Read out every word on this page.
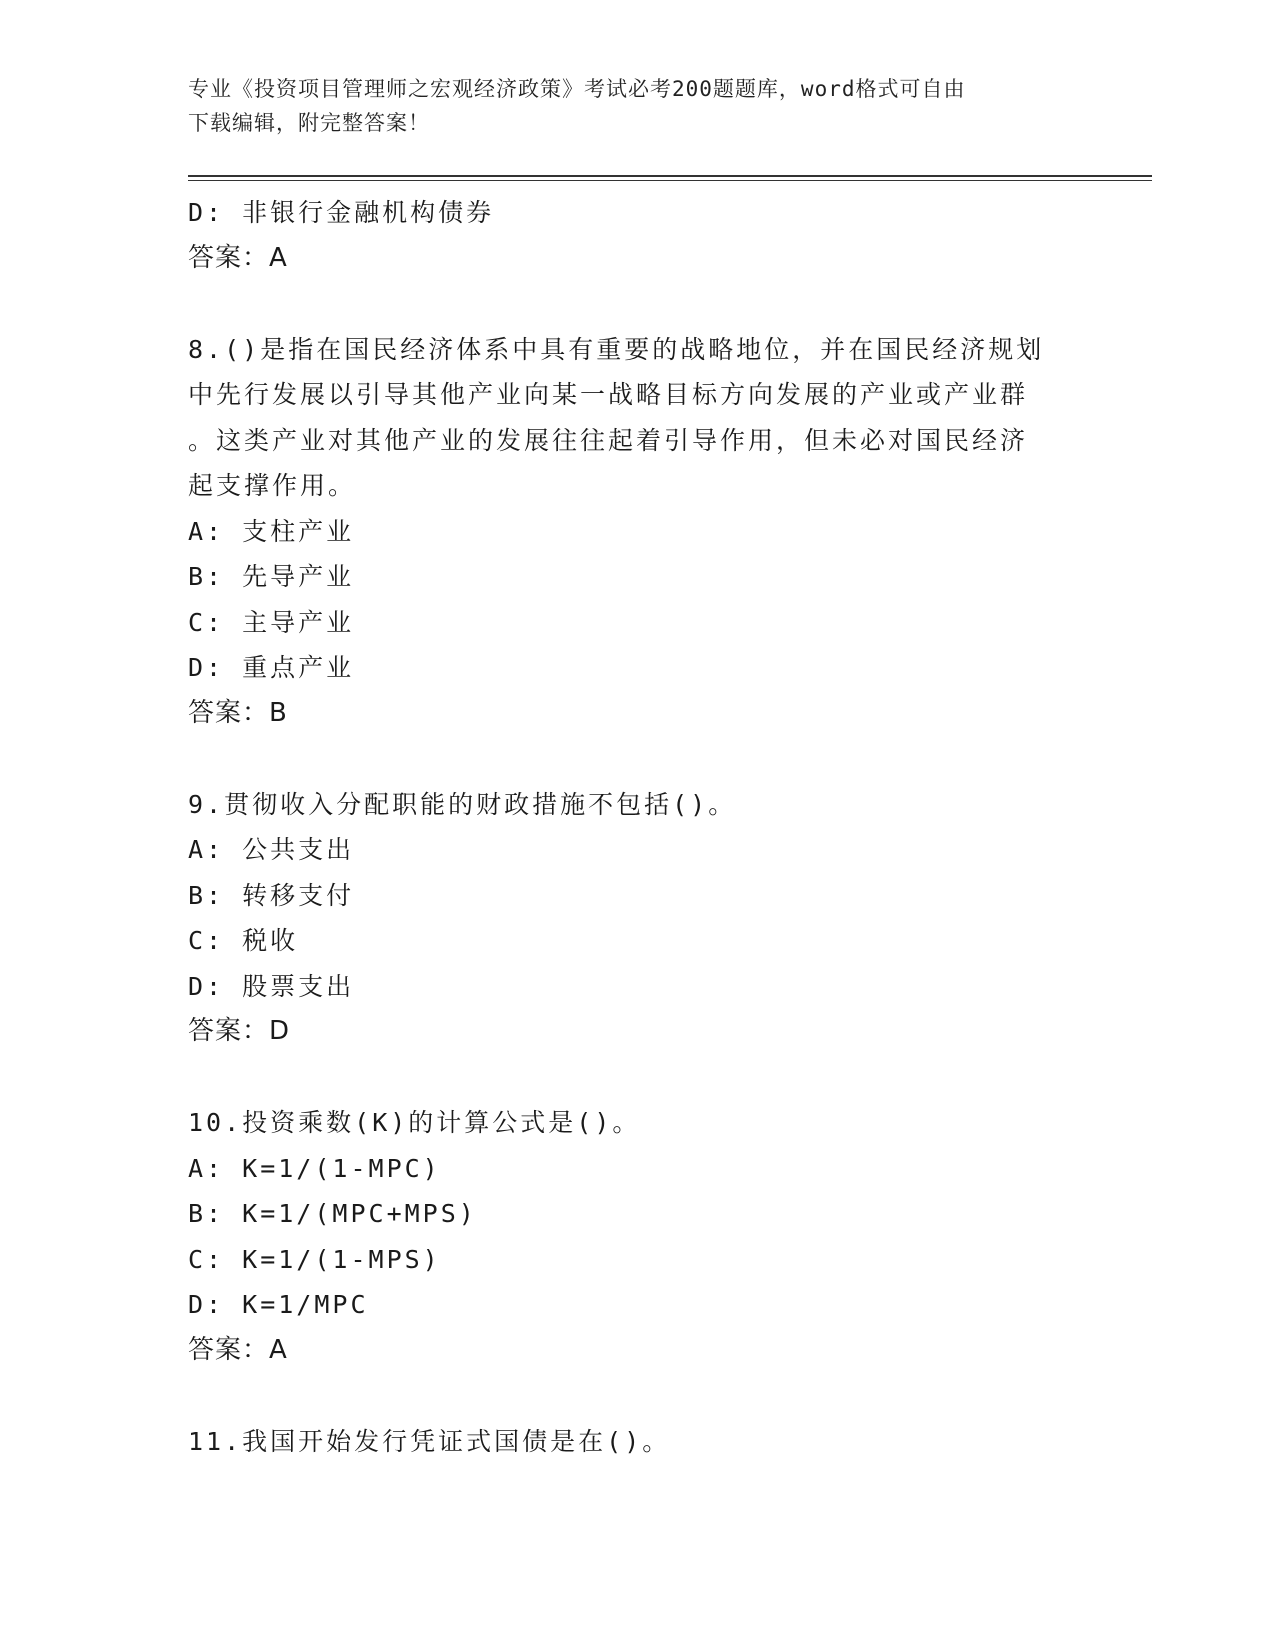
专业《投资项目管理师之宏观经济政策》考试必考200题题库，word格式可自由
下载编辑，附完整答案！
D: 非银行金融机构债券
答案：A
8.()是指在国民经济体系中具有重要的战略地位，并在国民经济规划
中先行发展以引导其他产业向某一战略目标方向发展的产业或产业群
。这类产业对其他产业的发展往往起着引导作用，但未必对国民经济
起支撑作用。
A: 支柱产业
B: 先导产业
C: 主导产业
D: 重点产业
答案：B
9.贯彻收入分配职能的财政措施不包括()。
A: 公共支出
B: 转移支付
C: 税收
D: 股票支出
答案：D
10.投资乘数(K)的计算公式是()。
A: K=1/(1-MPC)
B: K=1/(MPC+MPS)
C: K=1/(1-MPS)
D: K=1/MPC
答案：A
11.我国开始发行凭证式国债是在()。
